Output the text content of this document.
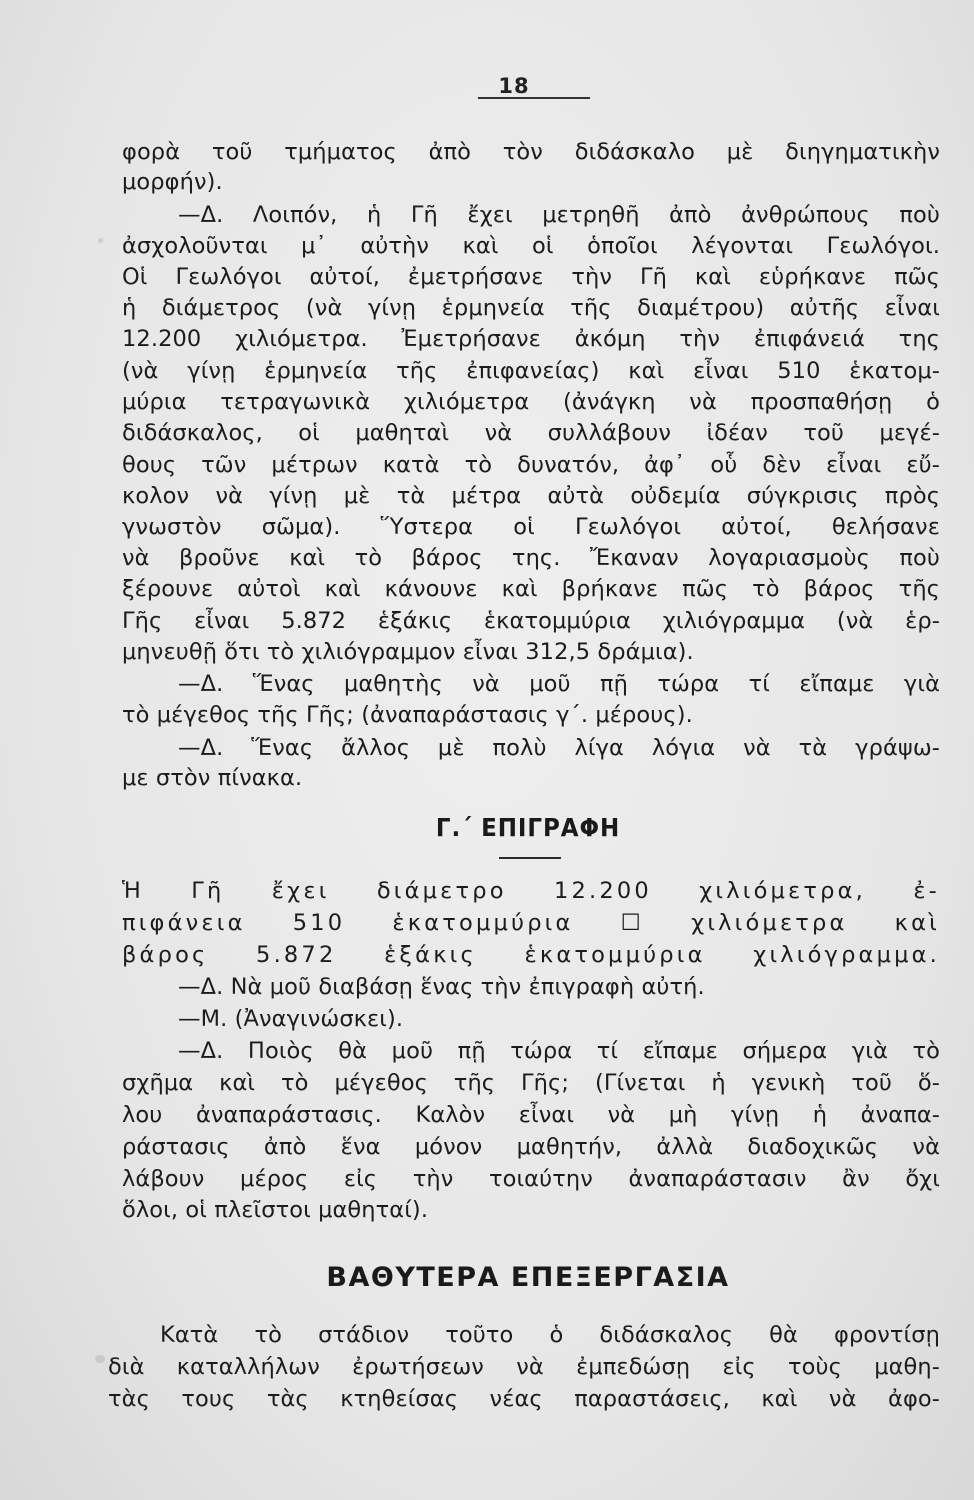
18
φορὰ τοῦ τμήματος ἀπὸ τὸν διδάσκαλο μὲ διηγηματικὴν
μορφήν).
—Δ. Λοιπόν, ἡ Γῆ ἔχει μετρηθῆ ἀπὸ ἀνθρώπους ποὺ
ἀσχολοῦνται μ᾽ αὐτὴν καὶ οἱ ὁποῖοι λέγονται Γεωλόγοι.
Οἱ Γεωλόγοι αὐτοί, ἐμετρήσανε τὴν Γῆ καὶ εὑρήκανε πῶς
ἡ διάμετρος (νὰ γίνῃ ἑρμηνεία τῆς διαμέτρου) αὐτῆς εἶναι
12.200 χιλιόμετρα. Ἐμετρήσανε ἀκόμη τὴν ἐπιφάνειά της
(νὰ γίνῃ ἑρμηνεία τῆς ἐπιφανείας) καὶ εἶναι 510 ἑκατομ-
μύρια τετραγωνικὰ χιλιόμετρα (ἀνάγκη νὰ προσπαθήσῃ ὁ
διδάσκαλος, οἱ μαθηταὶ νὰ συλλάβουν ἰδέαν τοῦ μεγέ-
θους τῶν μέτρων κατὰ τὸ δυνατόν, ἀφ᾽ οὗ δὲν εἶναι εὔ-
κολον νὰ γίνῃ μὲ τὰ μέτρα αὐτὰ οὐδεμία σύγκρισις πρὸς
γνωστὸν σῶμα). Ὕστερα οἱ Γεωλόγοι αὐτοί, θελήσανε
νὰ βροῦνε καὶ τὸ βάρος της. Ἔκαναν λογαριασμοὺς ποὺ
ξέρουνε αὐτοὶ καὶ κάνουνε καὶ βρήκανε πῶς τὸ βάρος τῆς
Γῆς εἶναι 5.872 ἑξάκις ἑκατομμύρια χιλιόγραμμα (νὰ ἑρ-
μηνευθῇ ὅτι τὸ χιλιόγραμμον εἶναι 312,5 δράμια).
—Δ. Ἕνας μαθητὴς νὰ μοῦ πῇ τώρα τί εἴπαμε γιὰ
τὸ μέγεθος τῆς Γῆς; (ἀναπαράστασις γ΄. μέρους).
—Δ. Ἕνας ἄλλος μὲ πολὺ λίγα λόγια νὰ τὰ γράψω-
με στὸν πίνακα.
Γ.΄ ΕΠΙΓΡΑΦΗ
Ἡ Γῆ ἔχει διάμετρο 12.200 χιλιόμετρα, ἐ-
πιφάνεια 510 ἑκατομμύρια ☐ χιλιόμετρα καὶ
βάρος 5.872 ἑξάκις ἑκατομμύρια χιλιόγραμμα.
—Δ. Νὰ μοῦ διαβάσῃ ἕνας τὴν ἐπιγραφὴ αὐτή.
—Μ. (Ἀναγινώσκει).
—Δ. Ποιὸς θὰ μοῦ πῇ τώρα τί εἴπαμε σήμερα γιὰ τὸ
σχῆμα καὶ τὸ μέγεθος τῆς Γῆς; (Γίνεται ἡ γενικὴ τοῦ ὅ-
λου ἀναπαράστασις. Καλὸν εἶναι νὰ μὴ γίνῃ ἡ ἀναπα-
ράστασις ἀπὸ ἕνα μόνον μαθητήν, ἀλλὰ διαδοχικῶς νὰ
λάβουν μέρος εἰς τὴν τοιαύτην ἀναπαράστασιν ἂν ὄχι
ὅλοι, οἱ πλεῖστοι μαθηταί).
ΒΑΘΥΤΕΡΑ ΕΠΕΞΕΡΓΑΣΙΑ
Κατὰ τὸ στάδιον τοῦτο ὁ διδάσκαλος θὰ φροντίσῃ
διὰ καταλλήλων ἐρωτήσεων νὰ ἐμπεδώσῃ εἰς τοὺς μαθη-
τὰς τους τὰς κτηθείσας νέας παραστάσεις, καὶ νὰ ἀφο-
